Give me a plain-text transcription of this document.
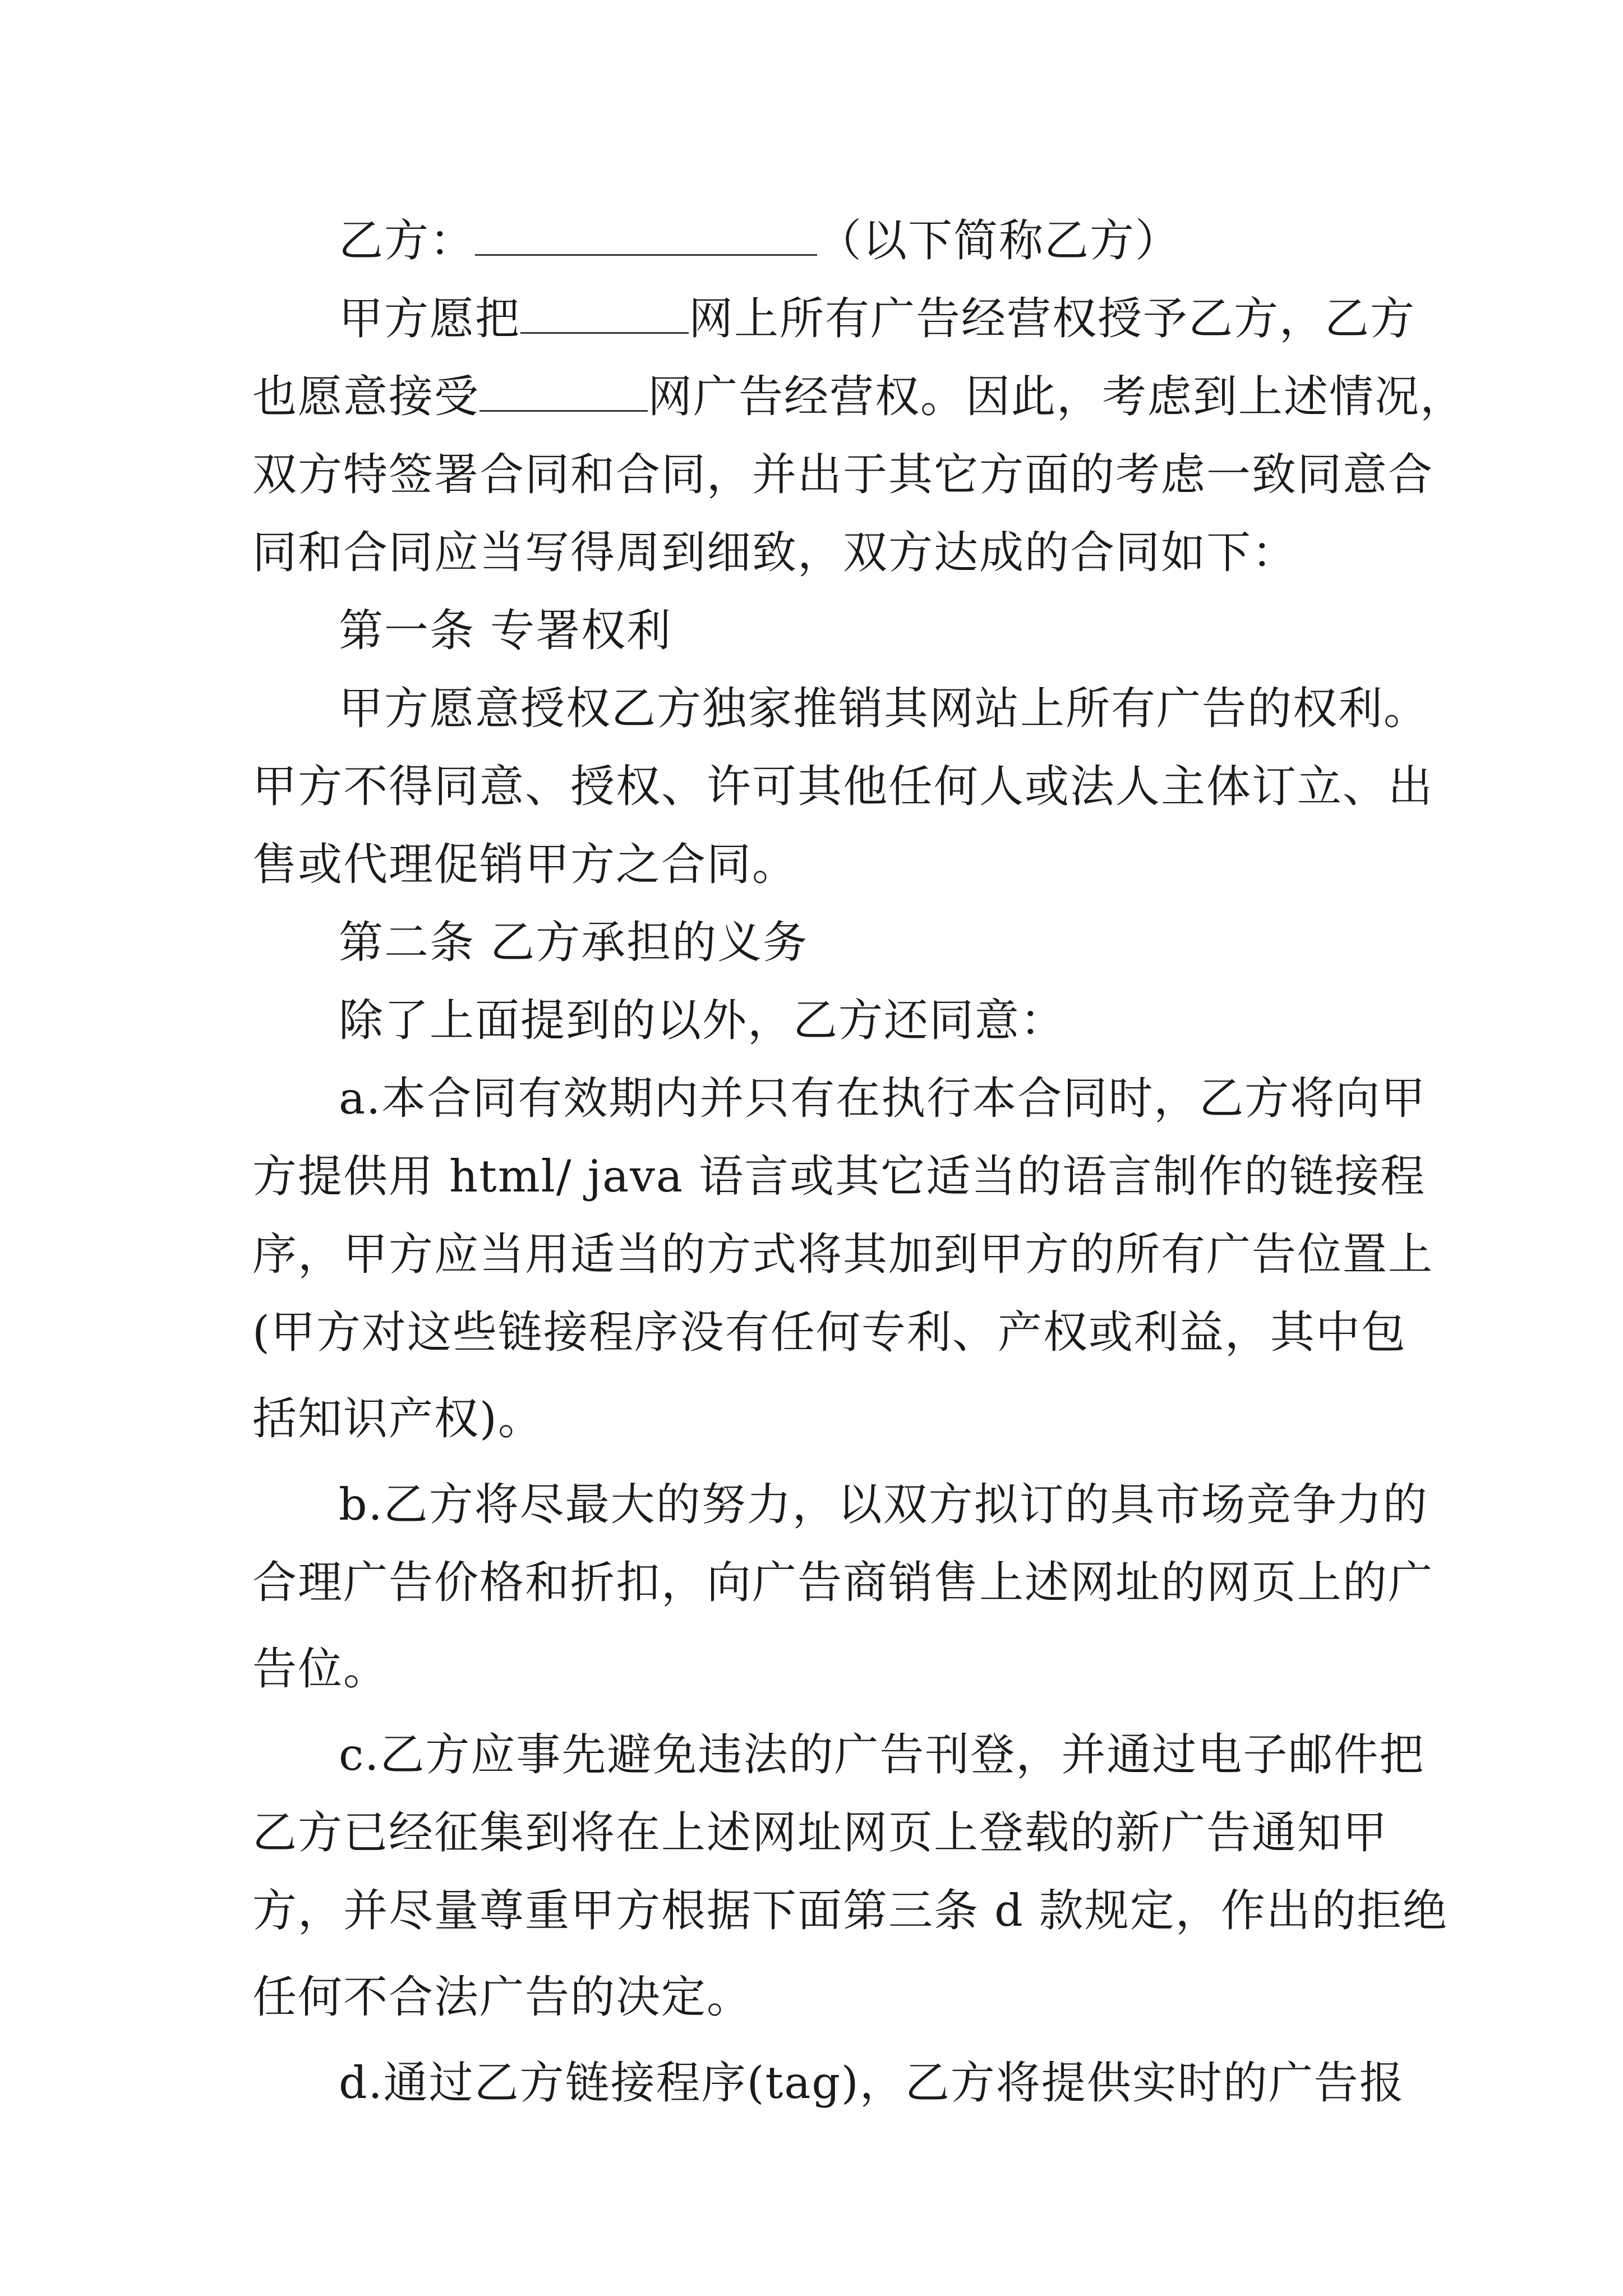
乙方：	（以下简称乙方）
甲方愿把	网上所有广告经营权授予乙方，乙方
也愿意接受	网广告经营权。因此，考虑到上述情况，
双方特签署合同和合同，并出于其它方面的考虑一致同意合
同和合同应当写得周到细致，双方达成的合同如下：
第一条 专署权利
甲方愿意授权乙方独家推销其网站上所有广告的权利。
甲方不得同意、授权、许可其他任何人或法人主体订立、出
售或代理促销甲方之合同。
第二条 乙方承担的义务
除了上面提到的以外，乙方还同意：
a.本合同有效期内并只有在执行本合同时，乙方将向甲
方提供用 html/ java 语言或其它适当的语言制作的链接程
序，甲方应当用适当的方式将其加到甲方的所有广告位置上
(甲方对这些链接程序没有任何专利、产权或利益，其中包
括知识产权)。
b.乙方将尽最大的努力，以双方拟订的具市场竞争力的
合理广告价格和折扣，向广告商销售上述网址的网页上的广
告位。
c.乙方应事先避免违法的广告刊登，并通过电子邮件把
乙方已经征集到将在上述网址网页上登载的新广告通知甲
方，并尽量尊重甲方根据下面第三条 d 款规定，作出的拒绝
任何不合法广告的决定。
d.通过乙方链接程序(tag)，乙方将提供实时的广告报
